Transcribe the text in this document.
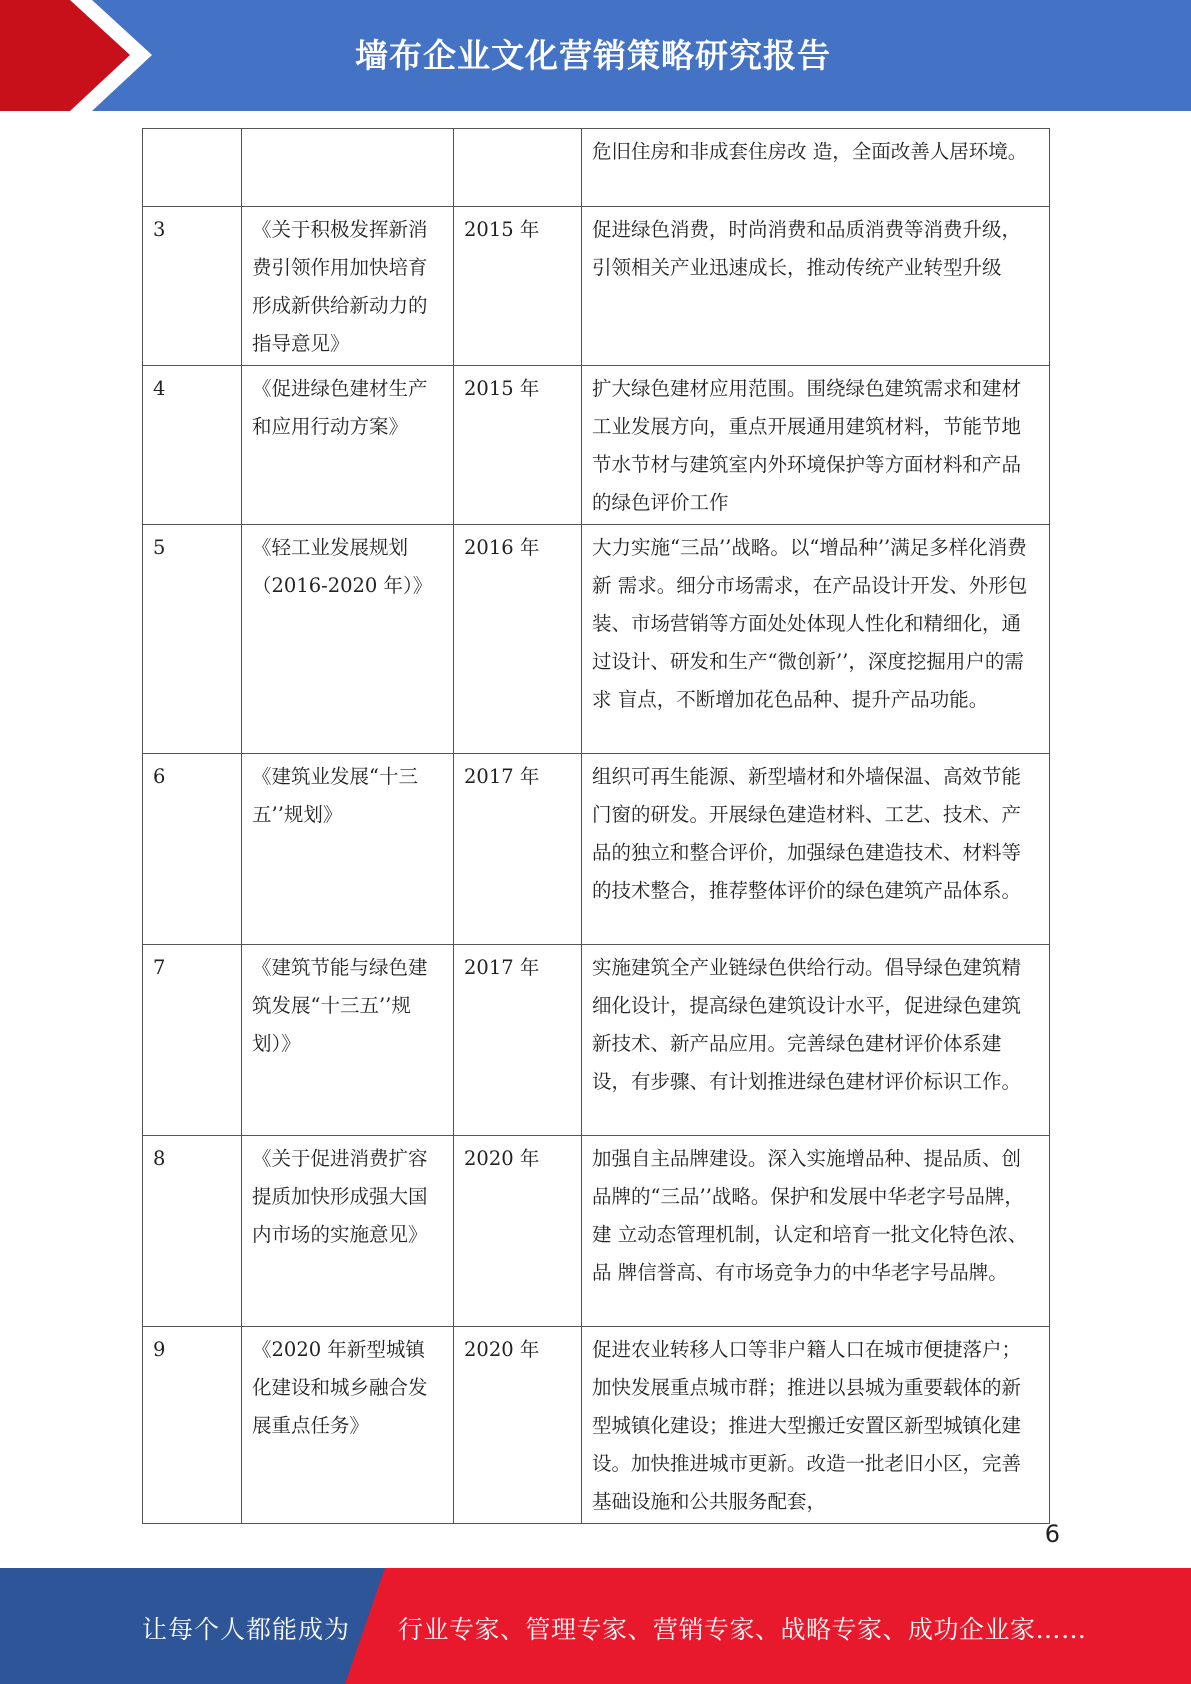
墙布企业文化营销策略研究报告
			危旧住房和非成套住房改 造，全面改善人居环境。
3	《关于积极发挥新消费引领作用加快培育形成新供给新动力的指导意见》	2015 年	促进绿色消费，时尚消费和品质消费等消费升级， 引领相关产业迅速成长，推动传统产业转型升级
4	《促进绿色建材生产和应用行动方案》	2015 年	扩大绿色建材应用范围。围绕绿色建筑需求和建材 工业发展方向，重点开展通用建筑材料，节能节地 节水节材与建筑室内外环境保护等方面材料和产品 的绿色评价工作
5	《轻工业发展规划（2016-2020 年）》	2016 年	大力实施“三品’’战略。以“增品种’’满足多样化消费新 需求。细分市场需求，在产品设计开发、外形包 装、市场营销等方面处处体现人性化和精细化，通 过设计、研发和生产“微创新’’，深度挖掘用户的需求 盲点，不断增加花色品种、提升产品功能。
6	《建筑业发展“十三五’’规划》	2017 年	组织可再生能源、新型墙材和外墙保温、高效节能 门窗的研发。开展绿色建造材料、工艺、技术、产 品的独立和整合评价，加强绿色建造技术、材料等 的技术整合，推荐整体评价的绿色建筑产品体系。
7	《建筑节能与绿色建筑发展“十三五’’规 划）》	2017 年	实施建筑全产业链绿色供给行动。倡导绿色建筑精 细化设计，提高绿色建筑设计水平，促进绿色建筑 新技术、新产品应用。完善绿色建材评价体系建 设，有步骤、有计划推进绿色建材评价标识工作。
8	《关于促进消费扩容提质加快形成强大国内市场的实施意见》	2020 年	加强自主品牌建设。深入实施增品种、提品质、创 品牌的“三品’’战略。保护和发展中华老字号品牌，建 立动态管理机制，认定和培育一批文化特色浓、品 牌信誉高、有市场竞争力的中华老字号品牌。
9	《2020 年新型城镇化建设和城乡融合发展重点任务》	2020 年	促进农业转移人口等非户籍人口在城市便捷落户； 加快发展重点城市群；推进以县城为重要载体的新 型城镇化建设；推进大型搬迁安置区新型城镇化建 设。加快推进城市更新。改造一批老旧小区，完善 基础设施和公共服务配套，
6
让每个人都能成为 行业专家、管理专家、营销专家、战略专家、成功企业家……
